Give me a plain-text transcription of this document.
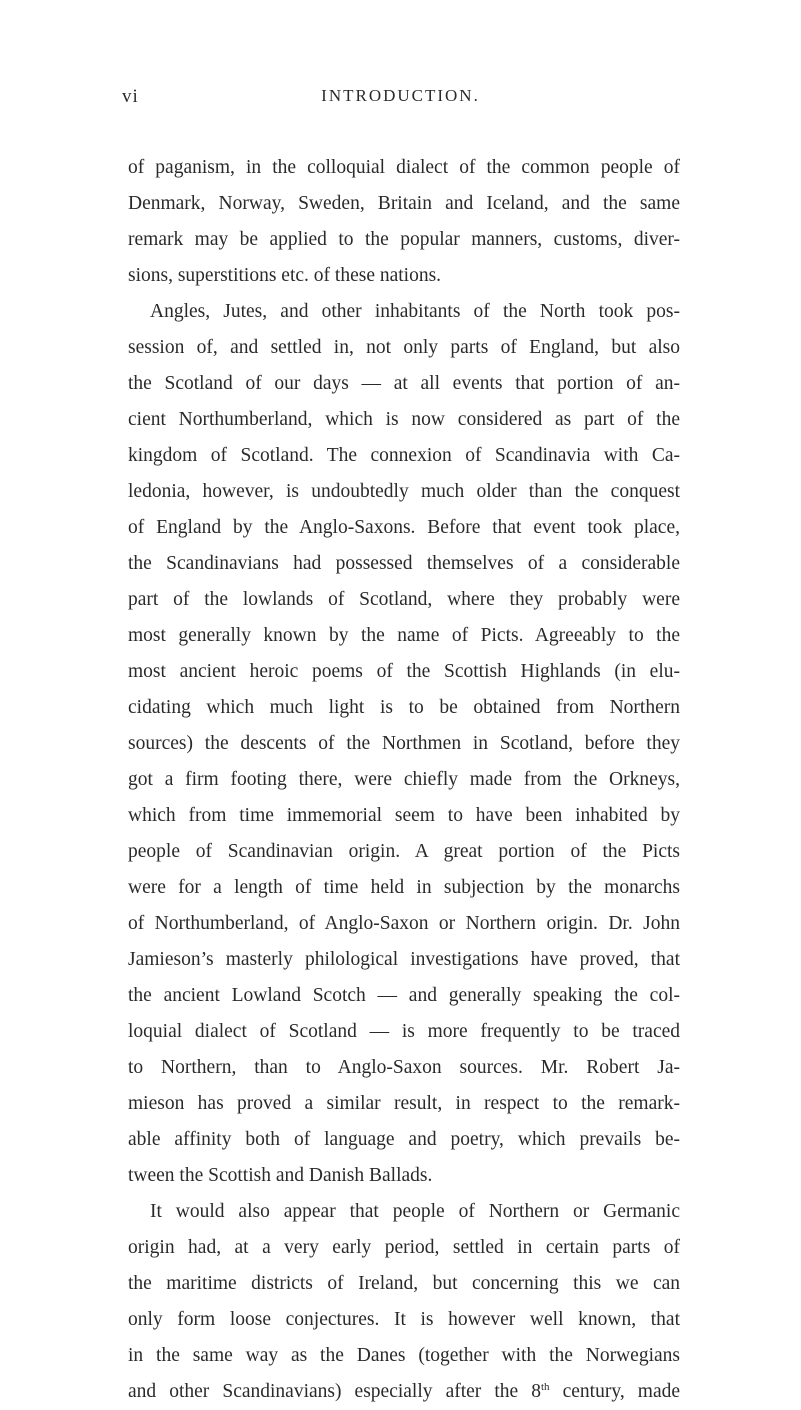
vi	INTRODUCTION.
of paganism, in the colloquial dialect of the common people of
Denmark, Norway, Sweden, Britain and Iceland, and the same
remark may be applied to the popular manners, customs, diver-
sions, superstitions etc. of these nations.
Angles, Jutes, and other inhabitants of the North took pos-
session of, and settled in, not only parts of England, but also
the Scotland of our days — at all events that portion of an-
cient Northumberland, which is now considered as part of the
kingdom of Scotland. The connexion of Scandinavia with Ca-
ledonia, however, is undoubtedly much older than the conquest
of England by the Anglo-Saxons. Before that event took place,
the Scandinavians had possessed themselves of a considerable
part of the lowlands of Scotland, where they probably were
most generally known by the name of Picts. Agreeably to the
most ancient heroic poems of the Scottish Highlands (in elu-
cidating which much light is to be obtained from Northern
sources) the descents of the Northmen in Scotland, before they
got a firm footing there, were chiefly made from the Orkneys,
which from time immemorial seem to have been inhabited by
people of Scandinavian origin. A great portion of the Picts
were for a length of time held in subjection by the monarchs
of Northumberland, of Anglo-Saxon or Northern origin. Dr. John
Jamieson’s masterly philological investigations have proved, that
the ancient Lowland Scotch — and generally speaking the col-
loquial dialect of Scotland — is more frequently to be traced
to Northern, than to Anglo-Saxon sources. Mr. Robert Ja-
mieson has proved a similar result, in respect to the remark-
able affinity both of language and poetry, which prevails be-
tween the Scottish and Danish Ballads.
It would also appear that people of Northern or Germanic
origin had, at a very early period, settled in certain parts of
the maritime districts of Ireland, but concerning this we can
only form loose conjectures. It is however well known, that
in the same way as the Danes (together with the Norwegians
and other Scandinavians) especially after the 8th century, made
